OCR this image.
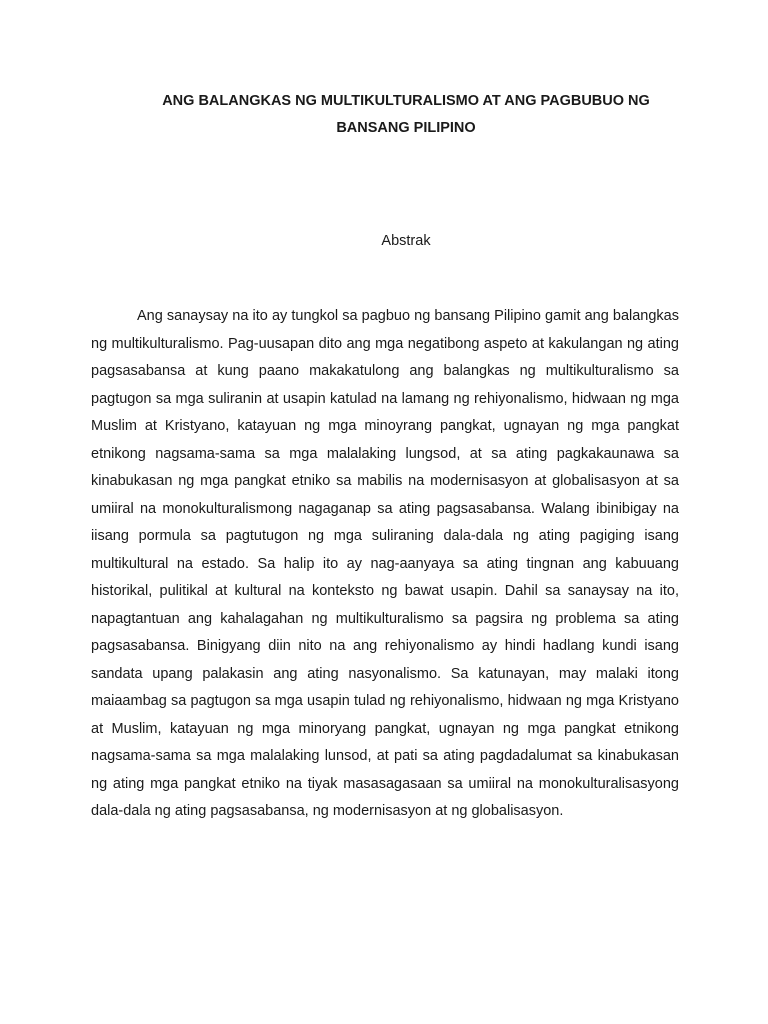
ANG BALANGKAS NG MULTIKULTURALISMO AT ANG PAGBUBUO NG
BANSANG PILIPINO
Abstrak

Ang sanaysay na ito ay tungkol sa pagbuo ng bansang Pilipino gamit ang balangkas ng multikulturalismo. Pag-uusapan dito ang mga negatibong aspeto at kakulangan ng ating pagsasabansa at kung paano makakatulong ang balangkas ng multikulturalismo sa pagtugon sa mga suliranin at usapin katulad na lamang ng rehiyonalismo, hidwaan ng mga Muslim at Kristyano, katayuan ng mga minoyrang pangkat, ugnayan ng mga pangkat etnikong nagsama-sama sa mga malalaking lungsod, at sa ating pagkakaunawa sa kinabukasan ng mga pangkat etniko sa mabilis na modernisasyon at globalisasyon at sa umiiral na monokulturalismong nagaganap sa ating pagsasabansa. Walang ibinibigay na iisang pormula sa pagtutugon ng mga suliraning dala-dala ng ating pagiging isang multikultural na estado. Sa halip ito ay nag-aanyaya sa ating tingnan ang kabuuang historikal, pulitikal at kultural na konteksto ng bawat usapin. Dahil sa sanaysay na ito, napagtantuan ang kahalagahan ng multikulturalismo sa pagsira ng problema sa ating pagsasabansa. Binigyang diin nito na ang rehiyonalismo ay hindi hadlang kundi isang sandata upang palakasin ang ating nasyonalismo. Sa katunayan, may malaki itong maiaambag sa pagtugon sa mga usapin tulad ng rehiyonalismo, hidwaan ng mga Kristyano at Muslim, katayuan ng mga minoryang pangkat, ugnayan ng mga pangkat etnikong nagsama-sama sa mga malalaking lunsod, at pati sa ating pagdadalumat sa kinabukasan ng ating mga pangkat etniko na tiyak masasagasaan sa umiiral na monokulturalisasyong dala-dala ng ating pagsasabansa, ng modernisasyon at ng globalisasyon.
